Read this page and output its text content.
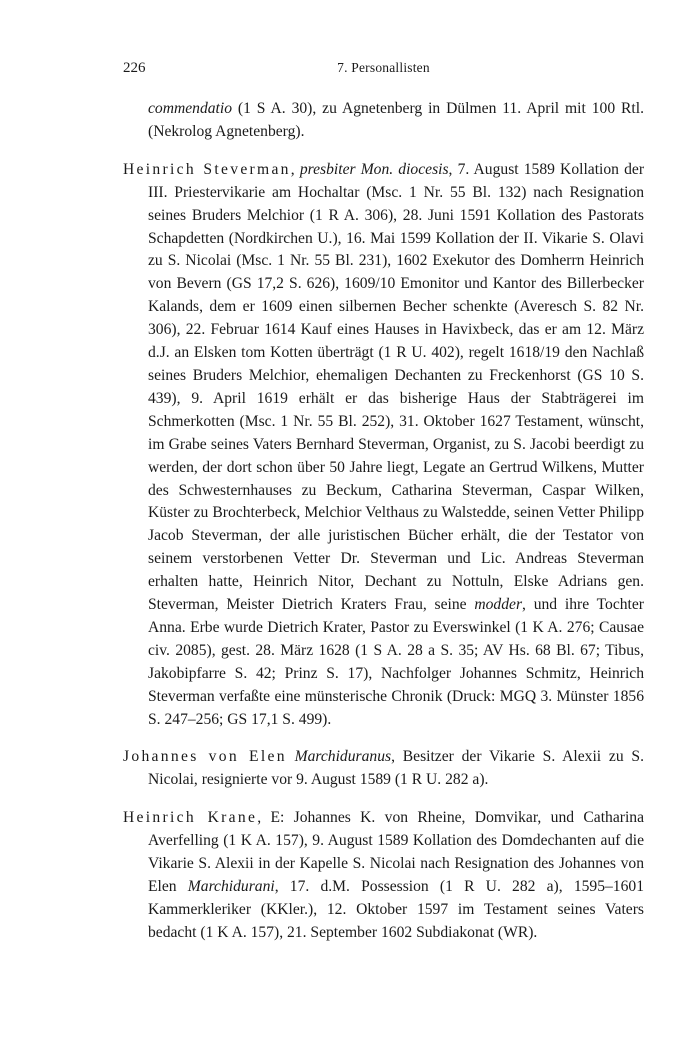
226	7. Personallisten

commendatio (1 S A. 30), zu Agnetenberg in Dülmen 11. April mit 100 Rtl. (Nekrolog Agnetenberg).

Heinrich Steverman, presbiter Mon. diocesis, 7. August 1589 Kollation der III. Priestervikarie am Hochaltar (Msc. 1 Nr. 55 Bl. 132) nach Resignation seines Bruders Melchior (1 R A. 306), 28. Juni 1591 Kollation des Pastorats Schapdetten (Nordkirchen U.), 16. Mai 1599 Kollation der II. Vikarie S. Olavi zu S. Nicolai (Msc. 1 Nr. 55 Bl. 231), 1602 Exekutor des Domherrn Heinrich von Bevern (GS 17,2 S. 626), 1609/10 Emonitor und Kantor des Billerbecker Kalands, dem er 1609 einen silbernen Becher schenkte (Averesch S. 82 Nr. 306), 22. Februar 1614 Kauf eines Hauses in Havixbeck, das er am 12. März d.J. an Elsken tom Kotten überträgt (1 R U. 402), regelt 1618/19 den Nachlaß seines Bruders Melchior, ehemaligen Dechanten zu Freckenhorst (GS 10 S. 439), 9. April 1619 erhält er das bisherige Haus der Stabträgerei im Schmerkotten (Msc. 1 Nr. 55 Bl. 252), 31. Oktober 1627 Testament, wünscht, im Grabe seines Vaters Bernhard Steverman, Organist, zu S. Jacobi beerdigt zu werden, der dort schon über 50 Jahre liegt, Legate an Gertrud Wilkens, Mutter des Schwesternhauses zu Beckum, Catharina Steverman, Caspar Wilken, Küster zu Brochterbeck, Melchior Velthaus zu Walstedde, seinen Vetter Philipp Jacob Steverman, der alle juristischen Bücher erhält, die der Testator von seinem verstorbenen Vetter Dr. Steverman und Lic. Andreas Steverman erhalten hatte, Heinrich Nitor, Dechant zu Nottuln, Elske Adrians gen. Steverman, Meister Dietrich Kraters Frau, seine modder, und ihre Tochter Anna. Erbe wurde Dietrich Krater, Pastor zu Everswinkel (1 K A. 276; Causae civ. 2085), gest. 28. März 1628 (1 S A. 28 a S. 35; AV Hs. 68 Bl. 67; Tibus, Jakobipfarre S. 42; Prinz S. 17), Nachfolger Johannes Schmitz, Heinrich Steverman verfaßte eine münsterische Chronik (Druck: MGQ 3. Münster 1856 S. 247–256; GS 17,1 S. 499).

Johannes von Elen Marchiduranus, Besitzer der Vikarie S. Alexii zu S. Nicolai, resignierte vor 9. August 1589 (1 R U. 282 a).

Heinrich Krane, E: Johannes K. von Rheine, Domvikar, und Catharina Averfelling (1 K A. 157), 9. August 1589 Kollation des Domdechanten auf die Vikarie S. Alexii in der Kapelle S. Nicolai nach Resignation des Johannes von Elen Marchidurani, 17. d.M. Possession (1 R U. 282 a), 1595–1601 Kammerkleriker (KKler.), 12. Oktober 1597 im Testament seines Vaters bedacht (1 K A. 157), 21. September 1602 Subdiakonat (WR).
